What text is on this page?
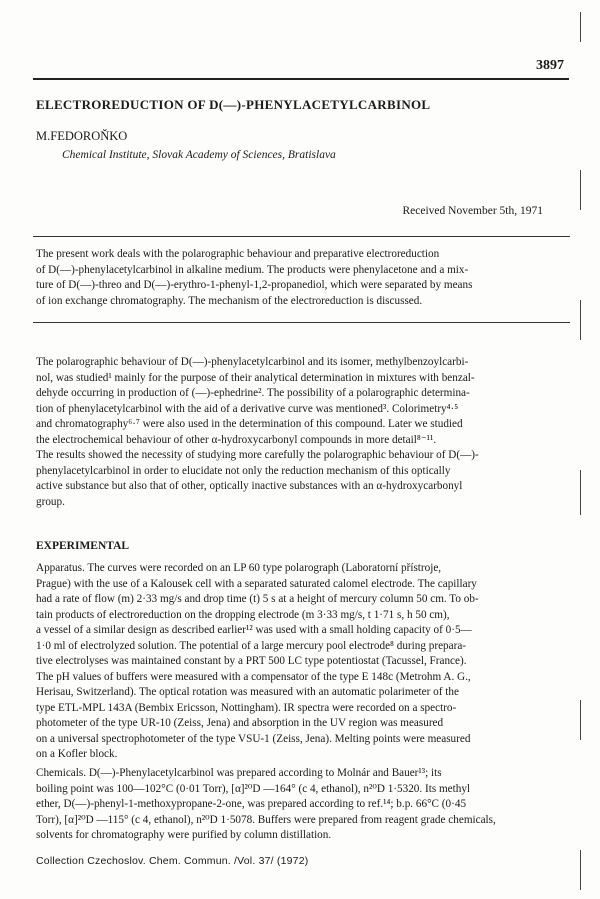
3897
ELECTROREDUCTION OF D(—)-PHENYLACETYLCARBINOL
M.FEDOROŇKO
Chemical Institute, Slovak Academy of Sciences, Bratislava
Received November 5th, 1971
The present work deals with the polarographic behaviour and preparative electroreduction
of D(—)-phenylacetylcarbinol in alkaline medium. The products were phenylacetone and a mix-
ture of D(—)-threo and D(—)-erythro-1-phenyl-1,2-propanediol, which were separated by means
of ion exchange chromatography. The mechanism of the electroreduction is discussed.
The polarographic behaviour of D(—)-phenylacetylcarbinol and its isomer, methylbenzoylcarbi-
nol, was studied¹ mainly for the purpose of their analytical determination in mixtures with benzal-
dehyde occurring in production of (—)-ephedrine². The possibility of a polarographic determina-
tion of phenylacetylcarbinol with the aid of a derivative curve was mentioned³. Colorimetry⁴·⁵
and chromatography⁶·⁷ were also used in the determination of this compound. Later we studied
the electrochemical behaviour of other α-hydroxycarbonyl compounds in more detail⁸⁻¹¹.
The results showed the necessity of studying more carefully the polarographic behaviour of D(—)-
phenylacetylcarbinol in order to elucidate not only the reduction mechanism of this optically
active substance but also that of other, optically inactive substances with an α-hydroxycarbonyl
group.
EXPERIMENTAL
Apparatus. The curves were recorded on an LP 60 type polarograph (Laboratorní přístroje,
Prague) with the use of a Kalousek cell with a separated saturated calomel electrode. The capillary
had a rate of flow (m) 2·33 mg/s and drop time (t) 5 s at a height of mercury column 50 cm. To ob-
tain products of electroreduction on the dropping electrode (m 3·33 mg/s, t 1·71 s, h 50 cm),
a vessel of a similar design as described earlier¹² was used with a small holding capacity of 0·5—
1·0 ml of electrolyzed solution. The potential of a large mercury pool electrode⁸ during prepara-
tive electrolyses was maintained constant by a PRT 500 LC type potentiostat (Tacussel, France).
The pH values of buffers were measured with a compensator of the type E 148c (Metrohm A. G.,
Herisau, Switzerland). The optical rotation was measured with an automatic polarimeter of the
type ETL-MPL 143A (Bembix Ericsson, Nottingham). IR spectra were recorded on a spectro-
photometer of the type UR-10 (Zeiss, Jena) and absorption in the UV region was measured
on a universal spectrophotometer of the type VSU-1 (Zeiss, Jena). Melting points were measured
on a Kofler block.
Chemicals. D(—)-Phenylacetylcarbinol was prepared according to Molnár and Bauer¹³; its
boiling point was 100—102°C (0·01 Torr), [α]²⁰D —164° (c 4, ethanol), n²⁰D 1·5320. Its methyl
ether, D(—)-phenyl-1-methoxypropane-2-one, was prepared according to ref.¹⁴; b.p. 66°C (0·45
Torr), [α]²⁰D —115° (c 4, ethanol), n²⁰D 1·5078. Buffers were prepared from reagent grade chemicals,
solvents for chromatography were purified by column distillation.
Collection Czechoslov. Chem. Commun. /Vol. 37/ (1972)
